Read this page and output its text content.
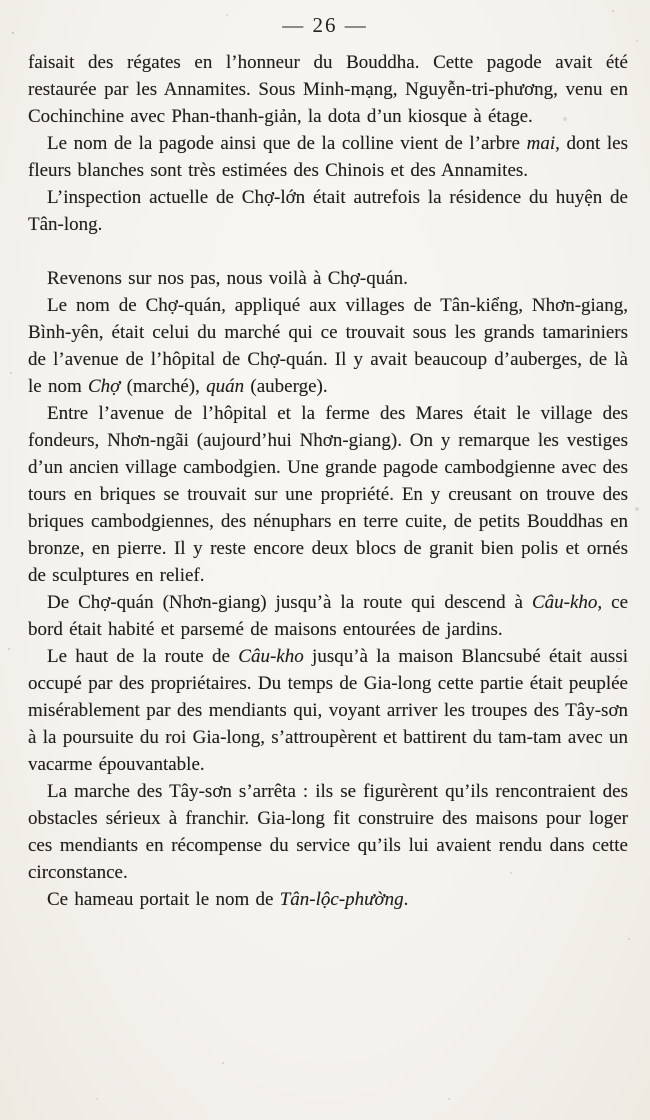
— 26 —

faisait des régates en l’honneur du Bouddha. Cette pagode avait été restaurée par les Annamites. Sous Minh-mạng, Nguyễn-tri-phương, venu en Cochinchine avec Phan-thanh-giản, la dota d’un kiosque à étage.

Le nom de la pagode ainsi que de la colline vient de l’arbre mai, dont les fleurs blanches sont très estimées des Chinois et des Annamites.

L’inspection actuelle de Chợ-lớn était autrefois la résidence du huyện de Tân-long.

Revenons sur nos pas, nous voilà à Chợ-quán.

Le nom de Chợ-quán, appliqué aux villages de Tân-kiểng, Nhơn-giang, Bình-yên, était celui du marché qui ce trouvait sous les grands tamariniers de l’avenue de l’hôpital de Chợ-quán. Il y avait beaucoup d’auberges, de là le nom Chợ (marché), quán (auberge).

Entre l’avenue de l’hôpital et la ferme des Mares était le village des fondeurs, Nhơn-ngãi (aujourd’hui Nhơn-giang). On y remarque les vestiges d’un ancien village cambodgien. Une grande pagode cambodgienne avec des tours en briques se trouvait sur une propriété. En y creusant on trouve des briques cambodgiennes, des nénuphars en terre cuite, de petits Bouddhas en bronze, en pierre. Il y reste encore deux blocs de granit bien polis et ornés de sculptures en relief.

De Chợ-quán (Nhơn-giang) jusqu’à la route qui descend à Câu-kho, ce bord était habité et parsemé de maisons entourées de jardins.

Le haut de la route de Câu-kho jusqu’à la maison Blancsubé était aussi occupé par des propriétaires. Du temps de Gia-long cette partie était peuplée misérablement par des mendiants qui, voyant arriver les troupes des Tây-sơn à la poursuite du roi Gia-long, s’attroupèrent et battirent du tam-tam avec un vacarme épouvantable.

La marche des Tây-sơn s’arrêta : ils se figurèrent qu’ils rencontraient des obstacles sérieux à franchir. Gia-long fit construire des maisons pour loger ces mendiants en récompense du service qu’ils lui avaient rendu dans cette circonstance.

Ce hameau portait le nom de Tân-lộc-phường.
